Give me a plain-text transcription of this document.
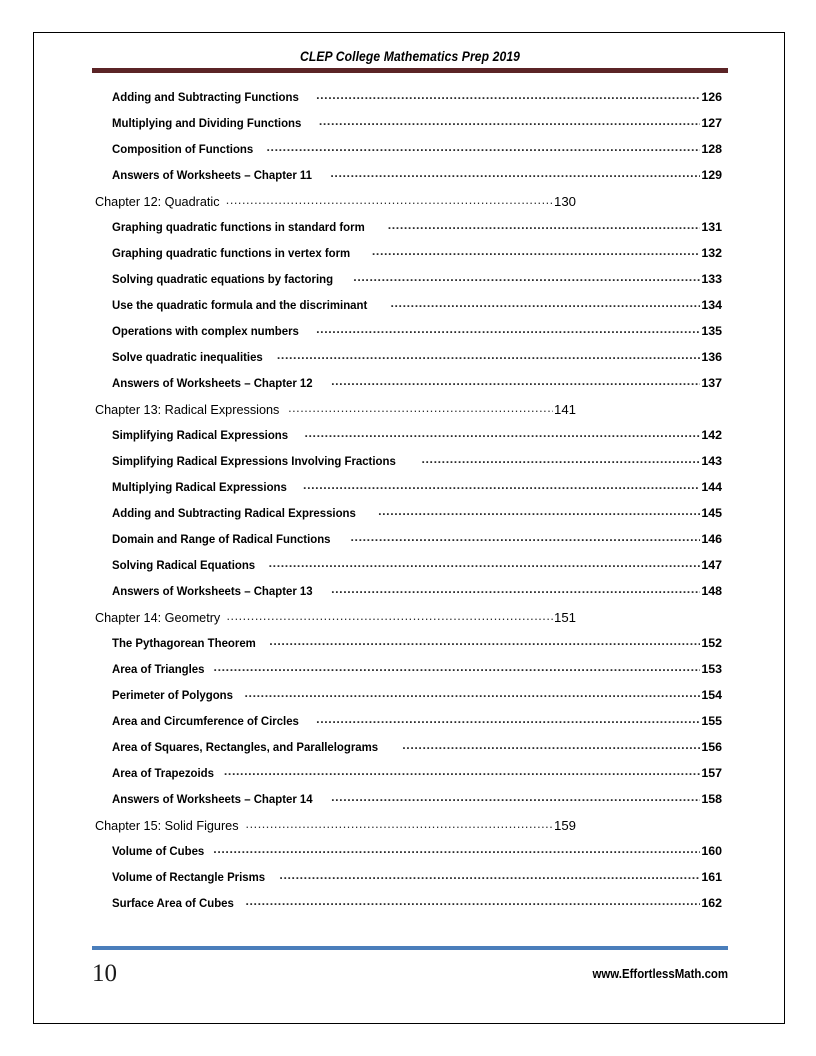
CLEP College Mathematics Prep 2019
Adding and Subtracting Functions .....	126
Multiplying and Dividing Functions .....	127
Composition of Functions .....	128
Answers of Worksheets – Chapter 11 .....	129
Chapter 12: Quadratic .....	130
Graphing quadratic functions in standard form .....	131
Graphing quadratic functions in vertex form .....	132
Solving quadratic equations by factoring .....	133
Use the quadratic formula and the discriminant .....	134
Operations with complex numbers .....	135
Solve quadratic inequalities .....	136
Answers of Worksheets – Chapter 12 .....	137
Chapter 13: Radical Expressions .....	141
Simplifying Radical Expressions .....	142
Simplifying Radical Expressions Involving Fractions .....	143
Multiplying Radical Expressions .....	144
Adding and Subtracting Radical Expressions .....	145
Domain and Range of Radical Functions .....	146
Solving Radical Equations .....	147
Answers of Worksheets – Chapter 13 .....	148
Chapter 14: Geometry .....	151
The Pythagorean Theorem .....	152
Area of Triangles .....	153
Perimeter of Polygons .....	154
Area and Circumference of Circles .....	155
Area of Squares, Rectangles, and Parallelograms .....	156
Area of Trapezoids .....	157
Answers of Worksheets – Chapter 14 .....	158
Chapter 15: Solid Figures .....	159
Volume of Cubes .....	160
Volume of Rectangle Prisms .....	161
Surface Area of Cubes .....	162
10	www.EffortlessMath.com
